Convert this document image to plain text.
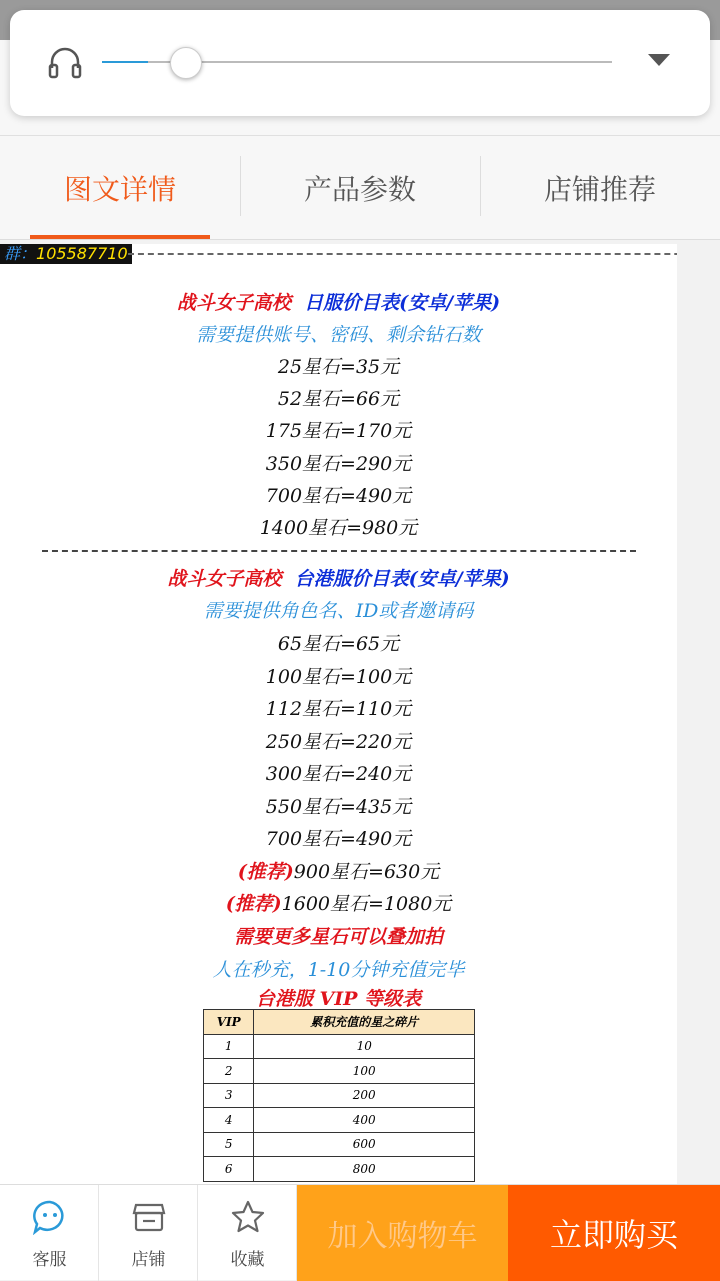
图文详情	产品参数	店铺推荐
群：105587710
战斗女子高校 日服价目表(安卓/苹果)
需要提供账号、密码、剩余钻石数
25星石=35元
52星石=66元
175星石=170元
350星石=290元
700星石=490元
1400星石=980元
战斗女子高校 台港服价目表(安卓/苹果)
需要提供角色名、ID或者邀请码
65星石=65元
100星石=100元
112星石=110元
250星石=220元
300星石=240元
550星石=435元
700星石=490元
(推荐)900星石=630元
(推荐)1600星石=1080元
需要更多星石可以叠加拍
人在秒充，1-10分钟充值完毕
台港服 VIP 等级表
VIP	累积充值的星之碎片
1	10
2	100
3	200
4	400
5	600
6	800
客服	店铺	收藏
加入购物车	立即购买
